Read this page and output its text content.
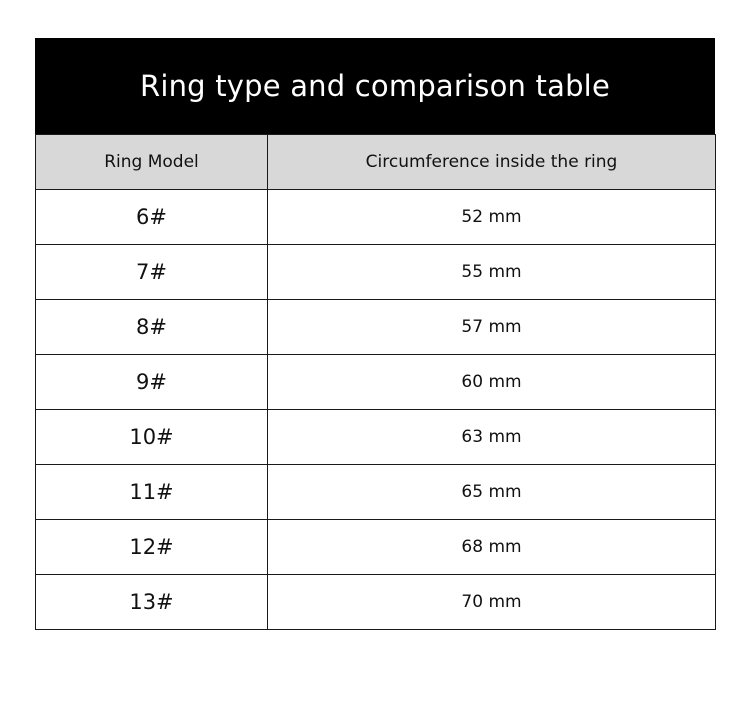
Ring type and comparison table
Ring Model	Circumference inside the ring
6#	52 mm
7#	55 mm
8#	57 mm
9#	60 mm
10#	63 mm
11#	65 mm
12#	68 mm
13#	70 mm
